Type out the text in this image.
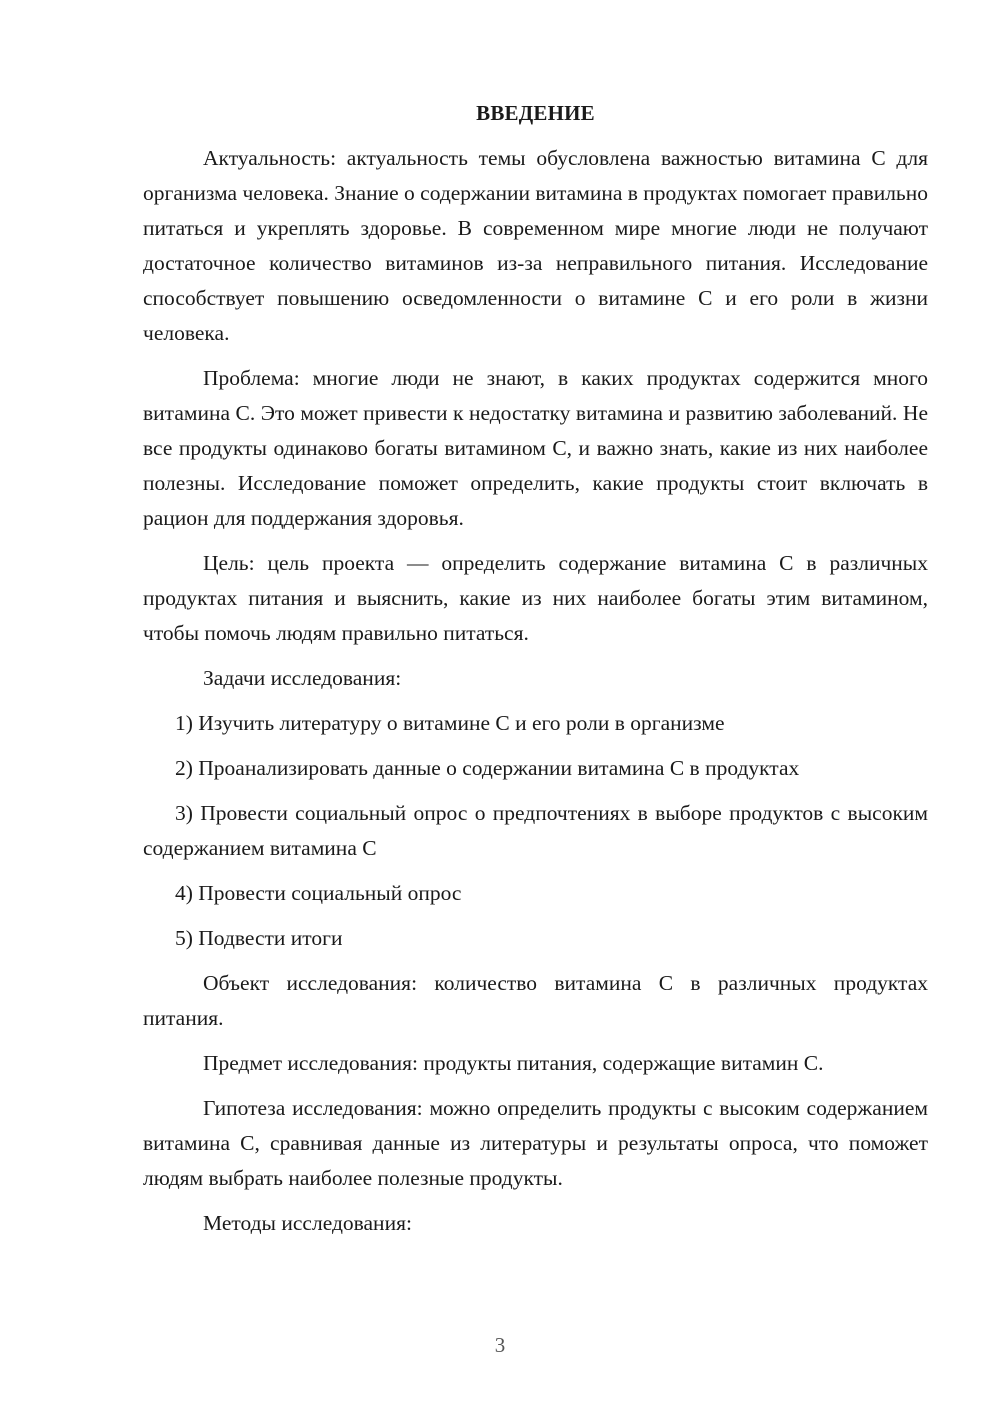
ВВЕДЕНИЕ

Актуальность: актуальность темы обусловлена важностью витамина С для организма человека. Знание о содержании витамина в продуктах помогает правильно питаться и укреплять здоровье. В современном мире многие люди не получают достаточное количество витаминов из-за неправильного питания. Исследование способствует повышению осведомленности о витамине С и его роли в жизни человека.

Проблема: многие люди не знают, в каких продуктах содержится много витамина С. Это может привести к недостатку витамина и развитию заболеваний. Не все продукты одинаково богаты витамином С, и важно знать, какие из них наиболее полезны. Исследование поможет определить, какие продукты стоит включать в рацион для поддержания здоровья.

Цель: цель проекта — определить содержание витамина С в различных продуктах питания и выяснить, какие из них наиболее богаты этим витамином, чтобы помочь людям правильно питаться.

Задачи исследования:

1) Изучить литературу о витамине С и его роли в организме

2) Проанализировать данные о содержании витамина С в продуктах

3) Провести социальный опрос о предпочтениях в выборе продуктов с высоким содержанием витамина С

4) Провести социальный опрос

5) Подвести итоги

Объект исследования: количество витамина С в различных продуктах питания.

Предмет исследования: продукты питания, содержащие витамин С.

Гипотеза исследования: можно определить продукты с высоким содержанием витамина С, сравнивая данные из литературы и результаты опроса, что поможет людям выбрать наиболее полезные продукты.

Методы исследования:

3
